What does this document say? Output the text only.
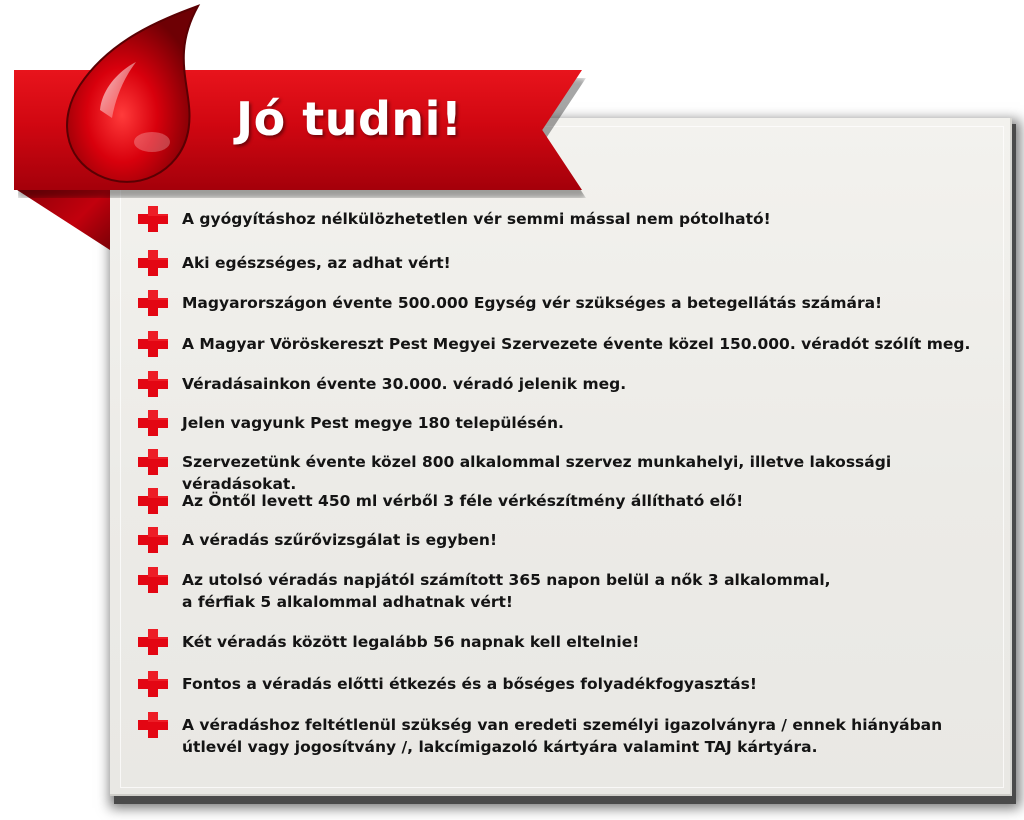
Jó tudni!
A gyógyításhoz nélkülözhetetlen vér semmi mással nem pótolható!
Aki egészséges, az adhat vért!
Magyarországon évente 500.000 Egység vér szükséges a betegellátás számára!
A Magyar Vöröskereszt Pest Megyei Szervezete évente közel 150.000. véradót szólít meg.
Véradásainkon évente 30.000. véradó jelenik meg.
Jelen vagyunk Pest megye 180 településén.
Szervezetünk évente közel 800 alkalommal szervez munkahelyi, illetve lakossági véradásokat.
Az Öntől levett 450 ml vérből 3 féle vérkészítmény állítható elő!
A véradás szűrővizsgálat is egyben!
Az utolsó véradás napjától számított 365 napon belül a nők 3 alkalommal,
a férfiak 5 alkalommal adhatnak vért!
Két véradás között legalább 56 napnak kell eltelnie!
Fontos a véradás előtti étkezés és a bőséges folyadékfogyasztás!
A véradáshoz feltétlenül szükség van eredeti személyi igazolványra / ennek hiányában
útlevél vagy jogosítvány /, lakcímigazoló kártyára valamint TAJ kártyára.
